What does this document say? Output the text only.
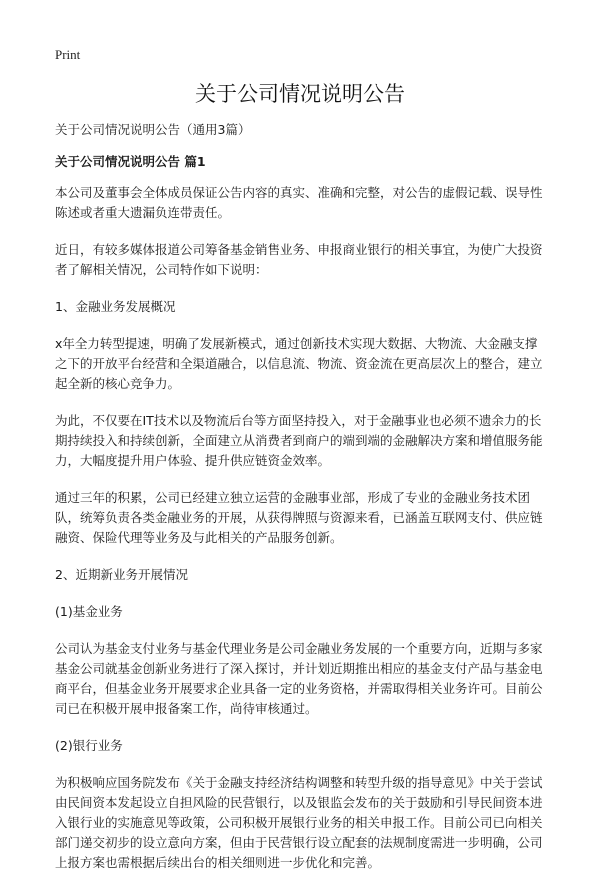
Print
关于公司情况说明公告

关于公司情况说明公告（通用3篇）

关于公司情况说明公告 篇1

本公司及董事会全体成员保证公告内容的真实、准确和完整，对公告的虚假记载、误导性陈述或者重大遗漏负连带责任。

近日，有较多媒体报道公司筹备基金销售业务、申报商业银行的相关事宜，为使广大投资者了解相关情况，公司特作如下说明：

1、金融业务发展概况

x年全力转型提速，明确了发展新模式，通过创新技术实现大数据、大物流、大金融支撑之下的开放平台经营和全渠道融合，以信息流、物流、资金流在更高层次上的整合，建立起全新的核心竞争力。

为此，不仅要在IT技术以及物流后台等方面坚持投入，对于金融事业也必须不遗余力的长期持续投入和持续创新，全面建立从消费者到商户的端到端的金融解决方案和增值服务能力，大幅度提升用户体验、提升供应链资金效率。

通过三年的积累，公司已经建立独立运营的金融事业部，形成了专业的金融业务技术团队，统筹负责各类金融业务的开展，从获得牌照与资源来看，已涵盖互联网支付、供应链融资、保险代理等业务及与此相关的产品服务创新。

2、近期新业务开展情况

(1)基金业务

公司认为基金支付业务与基金代理业务是公司金融业务发展的一个重要方向，近期与多家基金公司就基金创新业务进行了深入探讨，并计划近期推出相应的基金支付产品与基金电商平台，但基金业务开展要求企业具备一定的业务资格，并需取得相关业务许可。目前公司已在积极开展申报备案工作，尚待审核通过。

(2)银行业务

为积极响应国务院发布《关于金融支持经济结构调整和转型升级的指导意见》中关于尝试由民间资本发起设立自担风险的民营银行，以及银监会发布的关于鼓励和引导民间资本进入银行业的实施意见等政策，公司积极开展银行业务的相关申报工作。目前公司已向相关部门递交初步的设立意向方案，但由于民营银行设立配套的法规制度需进一步明确，公司上报方案也需根据后续出台的相关细则进一步优化和完善。
